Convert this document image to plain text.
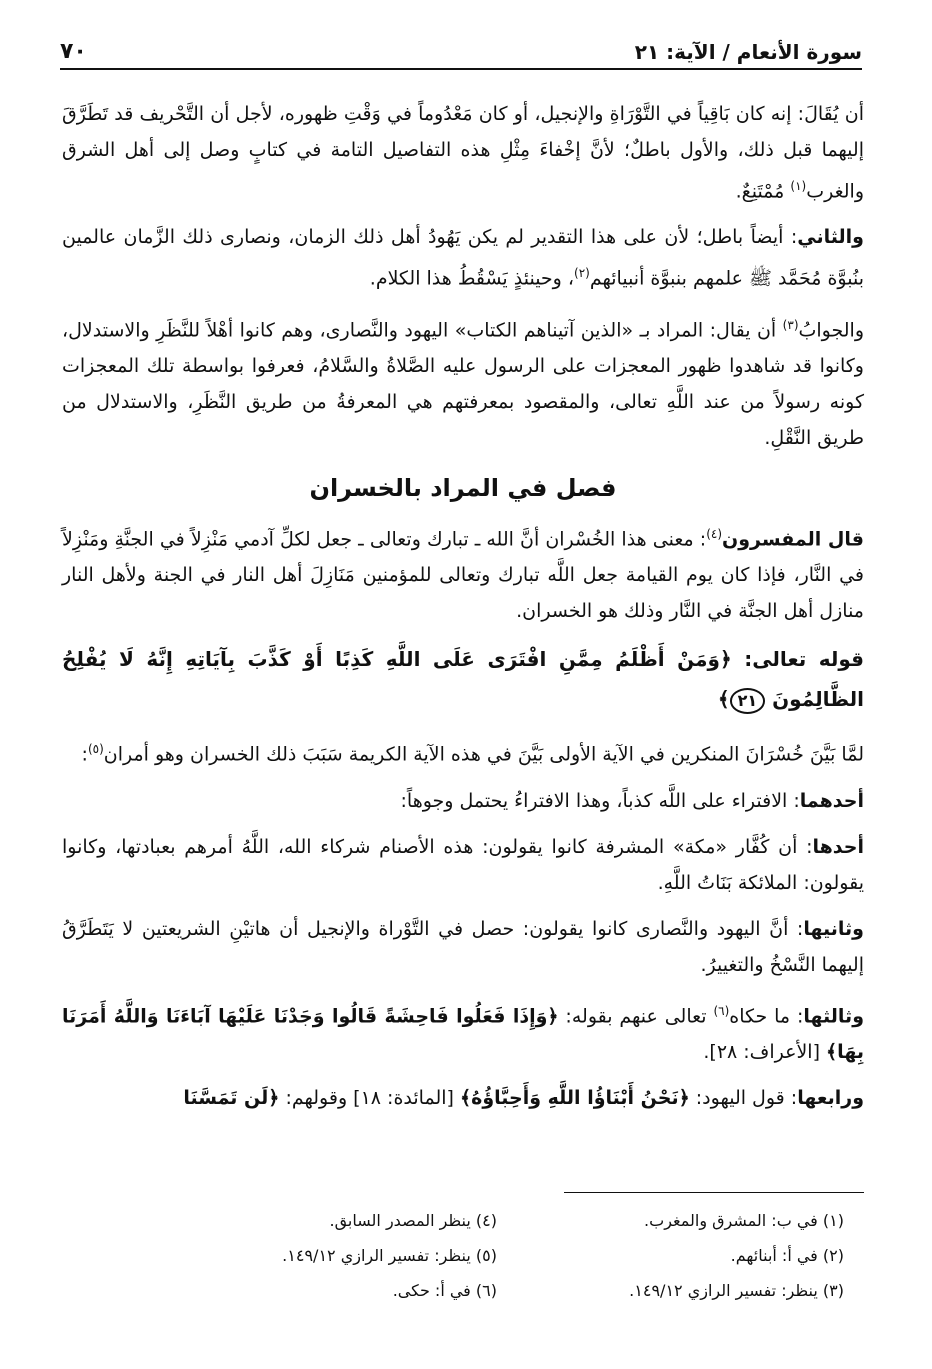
سورة الأنعام / الآية: ٢١
٧٠

أن يُقَالَ: إنه كان بَاقِياً في التَّوْرَاةِ والإنجيل، أو كان مَعْدُوماً في وَقْتِ ظهوره، لأجل أن التَّحْريف قد تَطَرَّقَ إليهما قبل ذلك، والأول باطلٌ؛ لأنَّ إخْفاءَ مِثْلِ هذه التفاصيل التامة في كتابٍ وصل إلى أهل الشرق والغرب$^{(١)}$ مُمْتَنِعٌ.

والثاني: أيضاً باطل؛ لأن على هذا التقدير لم يكن يَهُودُ أهل ذلك الزمان، ونصارى ذلك الزَّمان عالمين بنُبوَّة مُحَمَّد ﷺ علمهم بنبوَّة أنبيائهم$^{(٢)}$، وحينئذٍ يَسْقُطُ هذا الكلام.

والجوابُ$^{(٣)}$ أن يقال: المراد بـ «الذين آتيناهم الكتاب» اليهود والنَّصارى، وهم كانوا أهْلاً للنَّظَرِ والاستدلال، وكانوا قد شاهدوا ظهور المعجزات على الرسول عليه الصَّلاةُ والسَّلامُ، فعرفوا بواسطة تلك المعجزات كونه رسولاً من عند اللَّهِ تعالى، والمقصود بمعرفتهم هي المعرفةُ من طريق النَّظَرِ، والاستدلال من طريق النَّقْلِ.

فصل في المراد بالخسران

قال المفسرون$^{(٤)}$: معنى هذا الخُسْران أنَّ الله ـ تبارك وتعالى ـ جعل لكلِّ آدمي مَنْزِلاً في الجنَّةِ ومَنْزِلاً في النَّار، فإذا كان يوم القيامة جعل اللَّه تبارك وتعالى للمؤمنين مَنَازِلَ أهل النار في الجنة ولأهل النار منازل أهل الجنَّة في النَّار وذلك هو الخسران.

قوله تعالى: ﴿وَمَنْ أَظْلَمُ مِمَّنِ افْتَرَى عَلَى اللَّهِ كَذِبًا أَوْ كَذَّبَ بِآيَاتِهِ إِنَّهُ لَا يُفْلِحُ الظَّالِمُونَ ٢١﴾

لمَّا بَيَّنَ خُسْرَانَ المنكرين في الآية الأولى بَيَّنَ في هذه الآية الكريمة سَبَبَ ذلك الخسران وهو أمران$^{(٥)}$:

أحدهما: الافتراء على اللَّه كذباً، وهذا الافتراءُ يحتمل وجوهاً:

أحدها: أن كُفَّار «مكة» المشرفة كانوا يقولون: هذه الأصنام شركاء الله، اللَّهُ أمرهم بعبادتها، وكانوا يقولون: الملائكة بَنَاتُ اللَّهِ.

وثانيها: أنَّ اليهود والنَّصارى كانوا يقولون: حصل في التَّوْراة والإنجيل أن هاتيْنِ الشريعتين لا يَتَطَرَّقُ إليهما النَّسْخُ والتغييرُ.

وثالثها: ما حكاه$^{(٦)}$ تعالى عنهم بقوله: ﴿وَإِذَا فَعَلُوا فَاحِشَةً قَالُوا وَجَدْنَا عَلَيْهَا آبَاءَنَا وَاللَّهُ أَمَرَنَا بِهَا﴾ [الأعراف: ٢٨].

ورابعها: قول اليهود: ﴿نَحْنُ أَبْنَاؤُا اللَّهِ وَأَحِبَّاؤُهُ﴾ [المائدة: ١٨] وقولهم: ﴿لَن تَمَسَّنَا

(١) في ب: المشرق والمغرب.
(٢) في أ: أبنائهم.
(٣) ينظر: تفسير الرازي ١٤٩/١٢.
(٤) ينظر المصدر السابق.
(٥) ينظر: تفسير الرازي ١٤٩/١٢.
(٦) في أ: حكى.
